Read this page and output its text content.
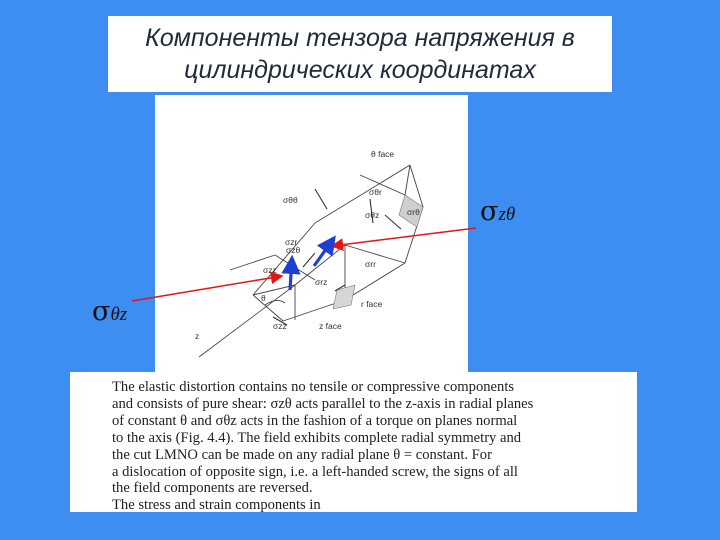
Компоненты тензора напряжения в
цилиндрических координатах
θ face
r face
z face
z
θ
σθθ
σθr
σθz	σrθ
σzθ
σrr
σzz
σrz
σzr
σzz

The elastic distortion contains no tensile or compressive components

and consists of pure shear: σzθ acts parallel to the z-axis in radial planes

of constant θ and σθz acts in the fashion of a torque on planes normal

to the axis (Fig. 4.4). The field exhibits complete radial symmetry and

the cut LMNO can be made on any radial plane θ = constant. For

a dislocation of opposite sign, i.e. a left-handed screw, the signs of all

the field components are reversed.

The stress and strain components in

σzθ
σθz
